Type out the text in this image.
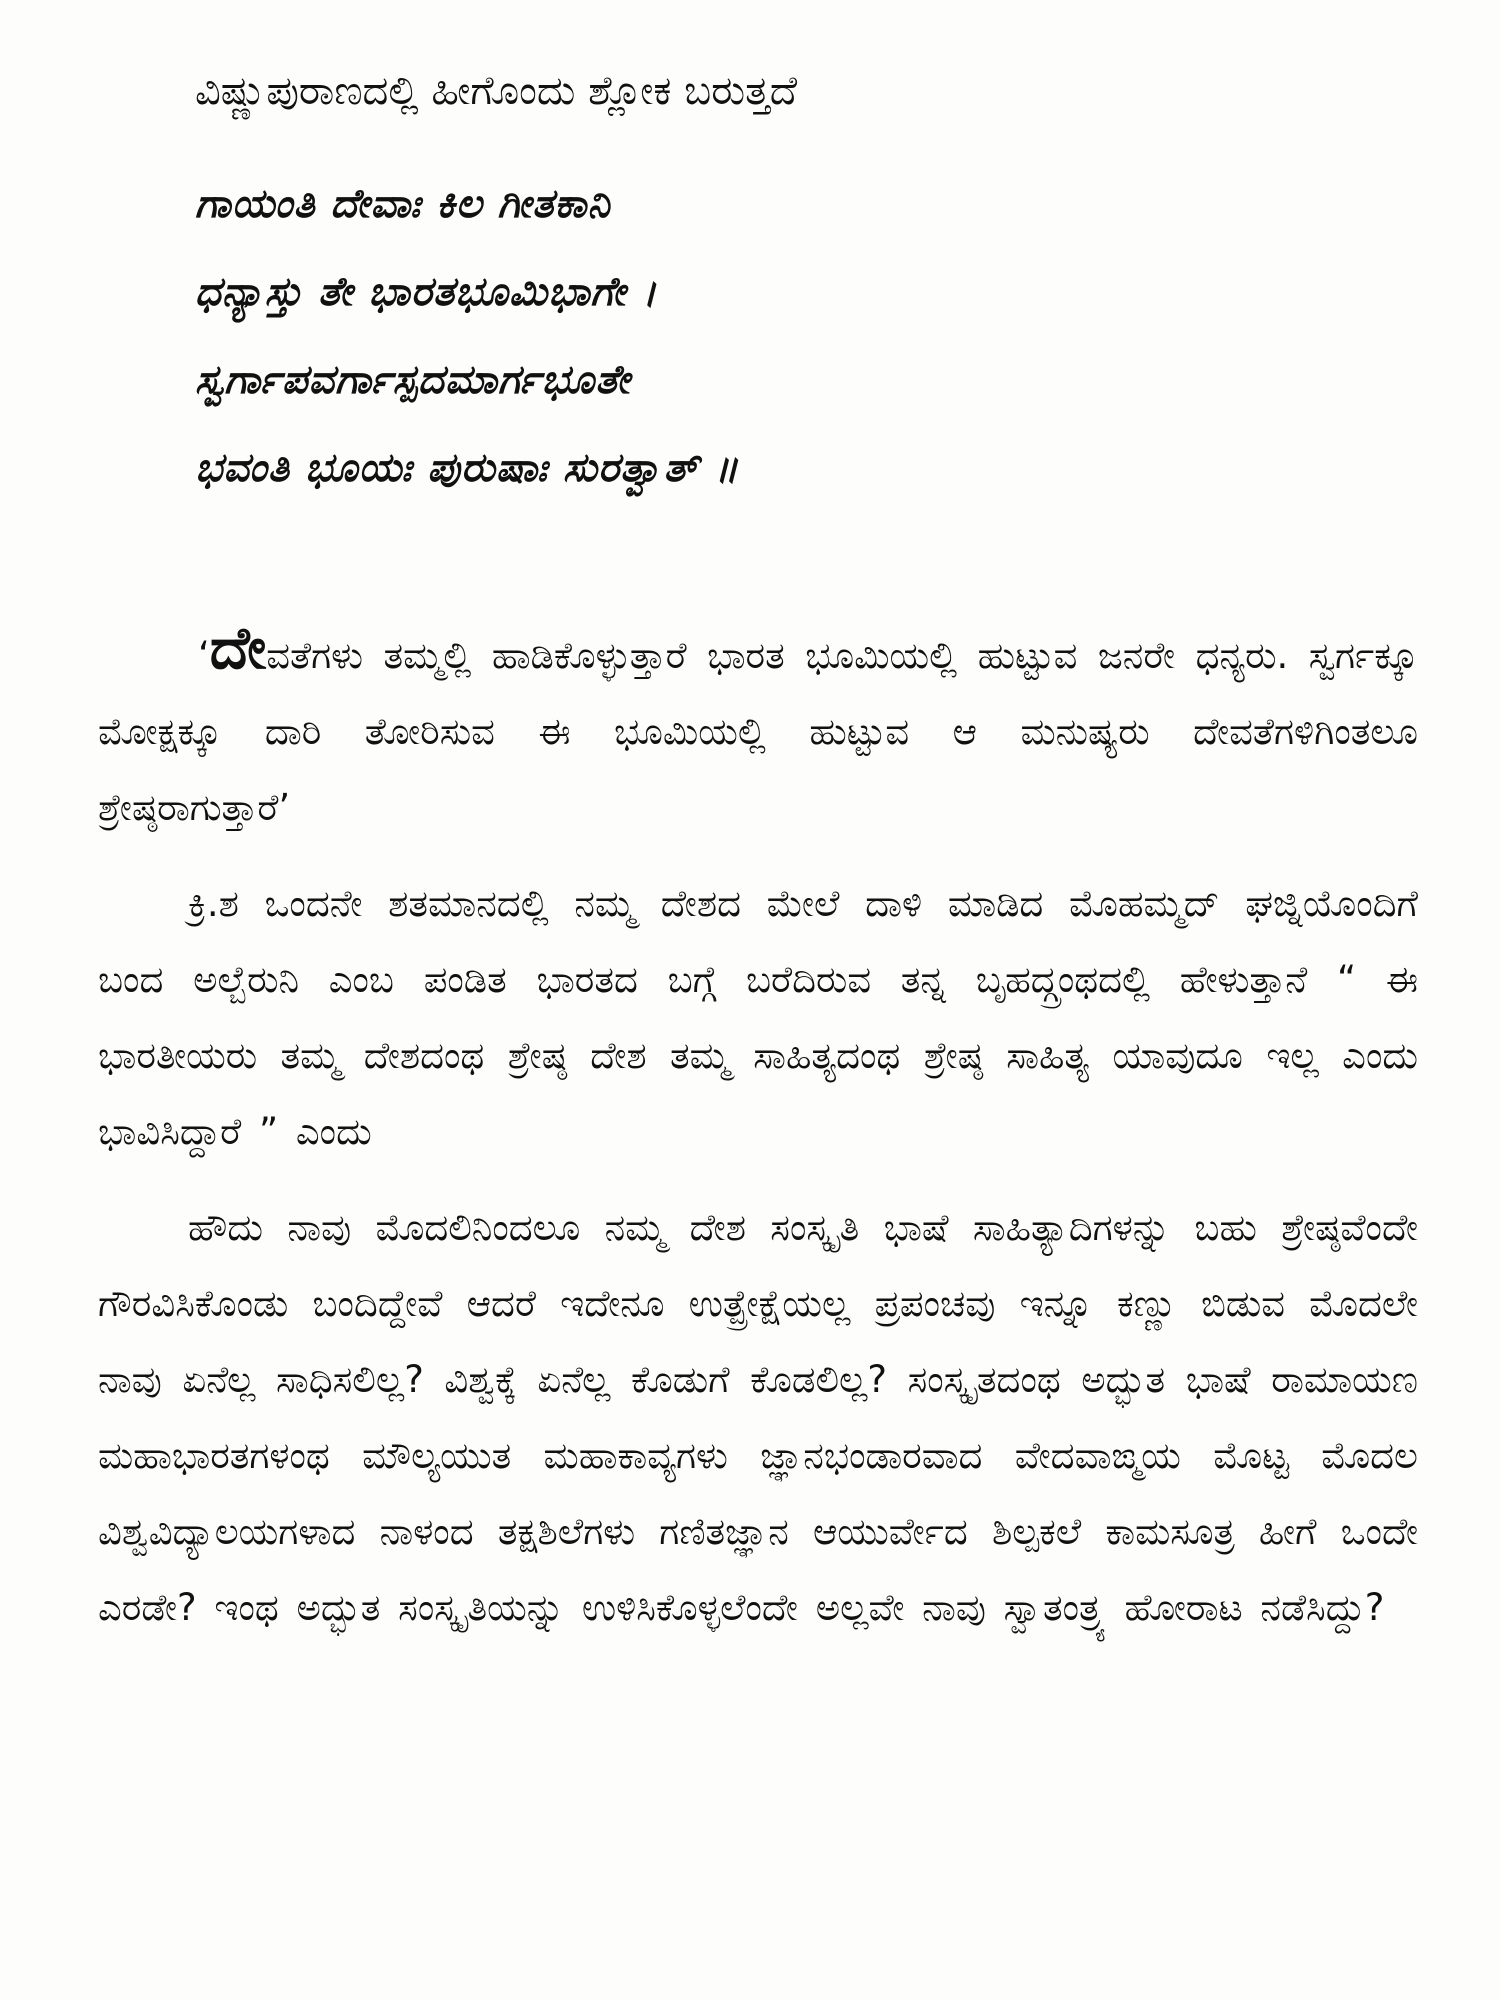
ವಿಷ್ಣುಪುರಾಣದಲ್ಲಿ ಹೀಗೊಂದು ಶ್ಲೋಕ ಬರುತ್ತದೆ
ಗಾಯಂತಿ ದೇವಾಃ ಕಿಲ ಗೀತಕಾನಿ
ಧನ್ಯಾಸ್ತು ತೇ ಭಾರತಭೂಮಿಭಾಗೇ ।
ಸ್ವರ್ಗಾಪವರ್ಗಾಸ್ಪದಮಾರ್ಗಭೂತೇ
ಭವಂತಿ ಭೂಯಃ ಪುರುಷಾಃ ಸುರತ್ವಾತ್ ॥

‘ದೇವತೆಗಳು ತಮ್ಮಲ್ಲಿ ಹಾಡಿಕೊಳ್ಳುತ್ತಾರೆ ಭಾರತ ಭೂಮಿಯಲ್ಲಿ ಹುಟ್ಟುವ ಜನರೇ ಧನ್ಯರು. ಸ್ವರ್ಗಕ್ಕೂ ಮೋಕ್ಷಕ್ಕೂ ದಾರಿ ತೋರಿಸುವ ಈ ಭೂಮಿಯಲ್ಲಿ ಹುಟ್ಟುವ ಆ ಮನುಷ್ಯರು ದೇವತೆಗಳಿಗಿಂತಲೂ ಶ್ರೇಷ್ಠರಾಗುತ್ತಾರೆ’

ಕ್ರಿ.ಶ ಒಂದನೇ ಶತಮಾನದಲ್ಲಿ ನಮ್ಮ ದೇಶದ ಮೇಲೆ ದಾಳಿ ಮಾಡಿದ ಮೊಹಮ್ಮದ್ ಘಜ್ನಿಯೊಂದಿಗೆ ಬಂದ ಅಲ್ಬೆರುನಿ ಎಂಬ ಪಂಡಿತ ಭಾರತದ ಬಗ್ಗೆ ಬರೆದಿರುವ ತನ್ನ ಬೃಹದ್ಗ್ರಂಥದಲ್ಲಿ ಹೇಳುತ್ತಾನೆ “ ಈ ಭಾರತೀಯರು ತಮ್ಮ ದೇಶದಂಥ ಶ್ರೇಷ್ಠ ದೇಶ ತಮ್ಮ ಸಾಹಿತ್ಯದಂಥ ಶ್ರೇಷ್ಠ ಸಾಹಿತ್ಯ ಯಾವುದೂ ಇಲ್ಲ ಎಂದು ಭಾವಿಸಿದ್ದಾರೆ ” ಎಂದು

ಹೌದು ನಾವು ಮೊದಲಿನಿಂದಲೂ ನಮ್ಮ ದೇಶ ಸಂಸ್ಕೃತಿ ಭಾಷೆ ಸಾಹಿತ್ಯಾದಿಗಳನ್ನು ಬಹು ಶ್ರೇಷ್ಠವೆಂದೇ ಗೌರವಿಸಿಕೊಂಡು ಬಂದಿದ್ದೇವೆ ಆದರೆ ಇದೇನೂ ಉತ್ಪ್ರೇಕ್ಷೆಯಲ್ಲ ಪ್ರಪಂಚವು ಇನ್ನೂ ಕಣ್ಣು ಬಿಡುವ ಮೊದಲೇ ನಾವು ಏನೆಲ್ಲ ಸಾಧಿಸಲಿಲ್ಲ? ವಿಶ್ವಕ್ಕೆ ಏನೆಲ್ಲ ಕೊಡುಗೆ ಕೊಡಲಿಲ್ಲ? ಸಂಸ್ಕೃತದಂಥ ಅದ್ಭುತ ಭಾಷೆ ರಾಮಾಯಣ ಮಹಾಭಾರತಗಳಂಥ ಮೌಲ್ಯಯುತ ಮಹಾಕಾವ್ಯಗಳು ಜ್ಞಾನಭಂಡಾರವಾದ ವೇದವಾಙ್ಮಯ ಮೊಟ್ಟ ಮೊದಲ ವಿಶ್ವವಿದ್ಯಾಲಯಗಳಾದ ನಾಳಂದ ತಕ್ಷಶಿಲೆಗಳು ಗಣಿತಜ್ಞಾನ ಆಯುರ್ವೇದ ಶಿಲ್ಪಕಲೆ ಕಾಮಸೂತ್ರ ಹೀಗೆ ಒಂದೇ ಎರಡೇ? ಇಂಥ ಅದ್ಭುತ ಸಂಸ್ಕೃತಿಯನ್ನು ಉಳಿಸಿಕೊಳ್ಳಲೆಂದೇ ಅಲ್ಲವೇ ನಾವು ಸ್ವಾತಂತ್ರ್ಯ ಹೋರಾಟ ನಡೆಸಿದ್ದು?
